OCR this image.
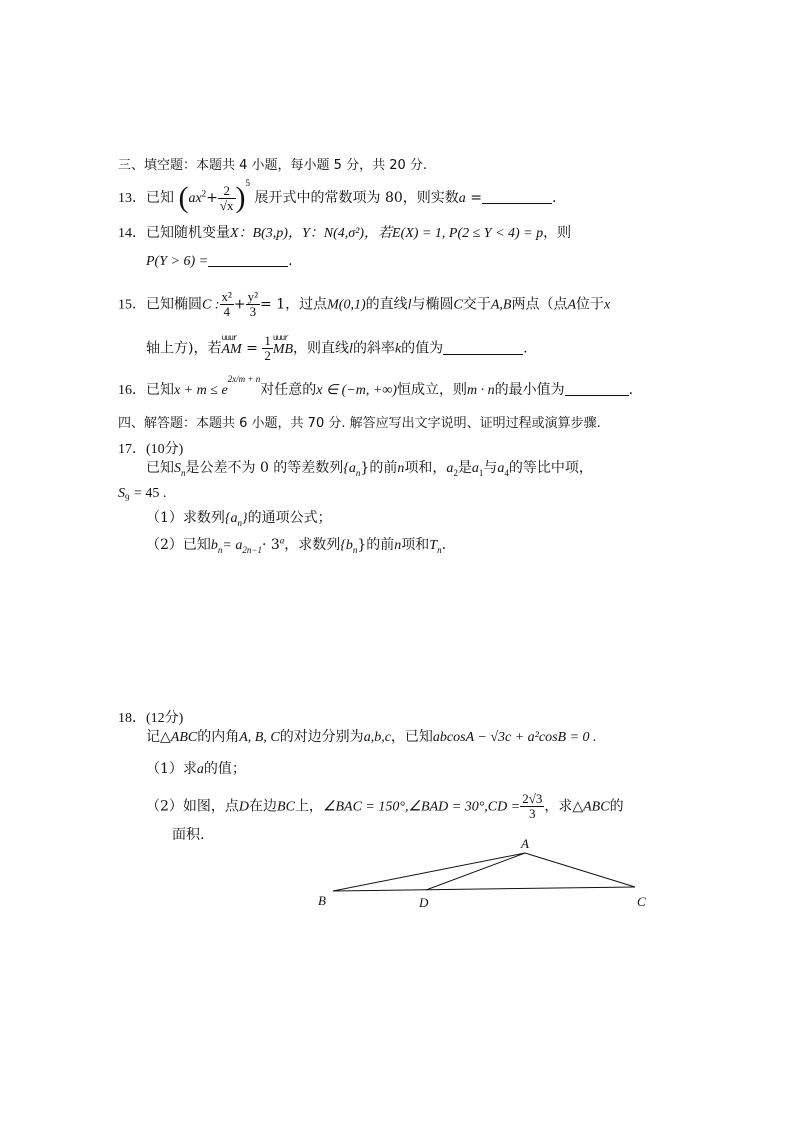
三、填空题：本题共 4 小题，每小题 5 分，共 20 分.
13．已知 $(ax^2+ \frac{2}{√x} )^5$ 展开式中的常数项为 80，则实数a =	.
14．已知随机变量X：B(3,p)，Y：N(4,σ²)，若E(X) = 1, P(2 ≤ Y < 4) = p，则
P(Y > 6) =	.
15．已知椭圆C : $\frac{\text{x²}}{4} + \frac{\text{y²}}{3} = 1$，过点M(0,1)的直线l与椭圆C交于A,B两点（点A位于x
轴上方)，若
uuur
AM = $\frac{1}{2}$ uuur
MB，则直线l的斜率k的值为	.
16．已知$x + m \le e^{2x/m + n}$对任意的x ∈ (−m, +∞)恒成立，则m · n的最小值为	.
四、解答题：本题共 6 小题，共 70 分. 解答应写出文字说明、证明过程或演算步骤.
17．(10分)
已知$S_n$是公差不为 0 的等差数列$\{a_n\}$的前n项和，$a_2$是$a_1$与$a_4$的等比中项，
$S_9 = 45$ .
（1）求数列$\{a_n\}$的通项公式；
（2）已知$b_n= a_{2n-1}\cdot 3^a$，求数列$\{b_n\}$的前n项和$T_n$.
18．(12分)
记△ABC的内角A, B, C的对边分别为a,b,c，已知abcosA − √3c + a²cosB = 0 .
（1）求a的值；
（2）如图，点D在边BC上，∠BAC = 150°,∠BAD = $30^\circ,CD = \frac{2√3}{3}$ ，求△ABC的
面积.
A
B	D	C
